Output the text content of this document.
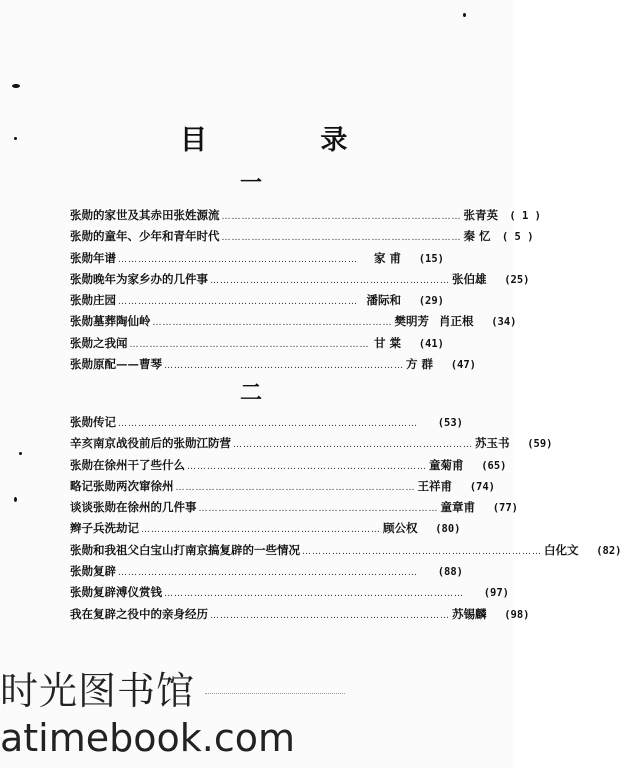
目 录
一
张勋的家世及其赤田张姓源流 ……………………………………………………………… 张青英	( 1 )
张勋的童年、少年和青年时代 ……………………………………………………………… 秦 忆	( 5 )
张勋年谱 ………………………………………………………………	家 甫	(15)
张勋晚年为家乡办的几件事 ……………………………………………………………… 张伯雄	(25)
张勋庄园 ……………………………………………………………… 潘际和	(29)
张勋墓葬陶仙岭 ……………………………………………………………… 樊明芳 肖正根	(34)
张勋之我闻 ……………………………………………………………… 甘 棠	(41)
张勋原配——曹琴 ……………………………………………………………… 方 群	(47)
二
张勋传记 ………………………………………………………………………………	(53)
辛亥南京战役前后的张勋江防营 ……………………………………………………………… 苏玉书	(59)
张勋在徐州干了些什么 ……………………………………………………………… 童菊甫	(65)
略记张勋两次窜徐州 ……………………………………………………………… 王祥甫	(74)
谈谈张勋在徐州的几件事 ……………………………………………………………… 童章甫	(77)
辫子兵洗劫记 ……………………………………………………………… 顾公权	(80)
张勋和我祖父白宝山打南京搞复辟的一些情况 ……………………………………………………………… 白化文	(82)
张勋复辟 ………………………………………………………………………………	(88)
张勋复辟溥仪赏钱 ………………………………………………………………………………	(97)
我在复辟之役中的亲身经历 ……………………………………………………………… 苏锡麟	(98)
时光图书馆
atimebook.com
